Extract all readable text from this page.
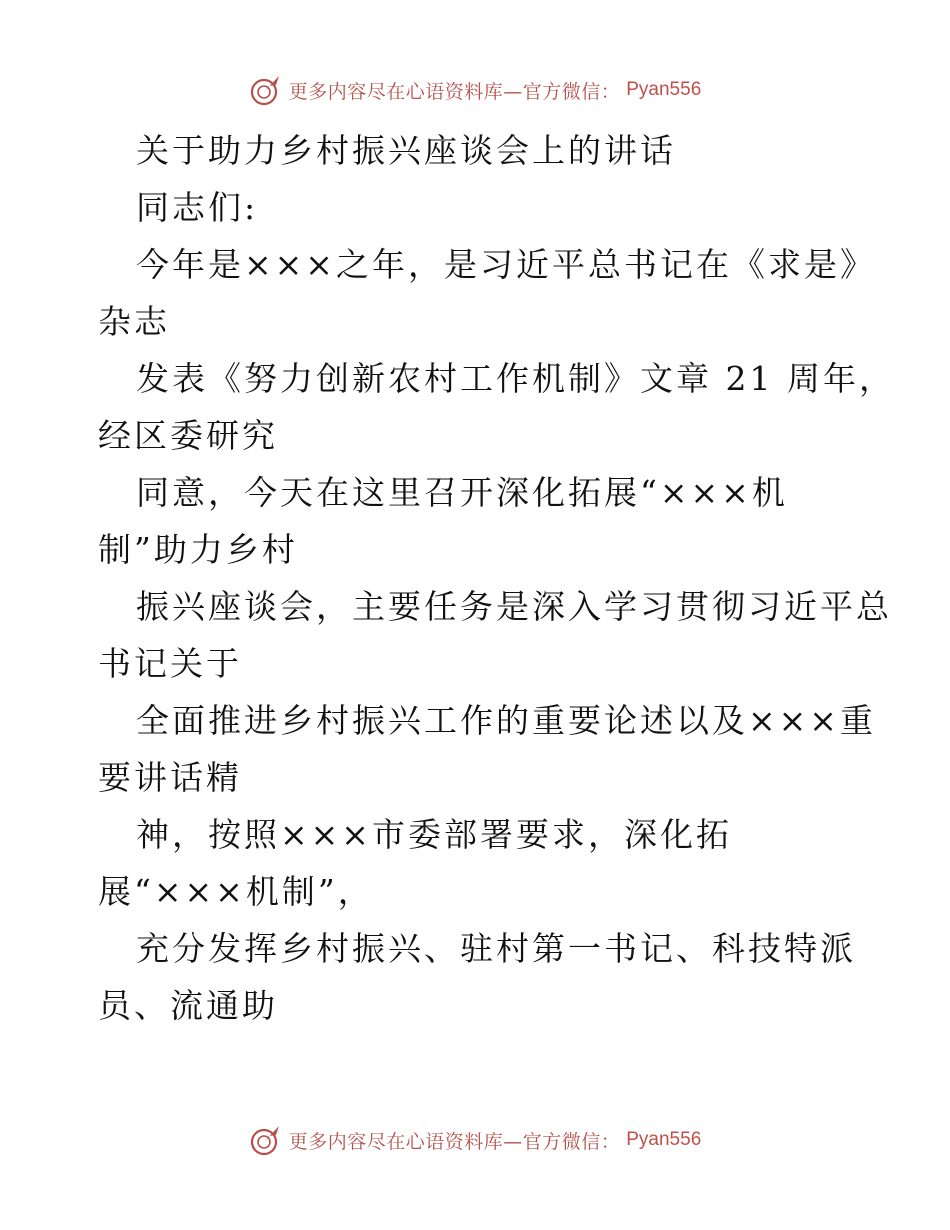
更多内容尽在心语资料库—官方微信： Pyan556
关于助力乡村振兴座谈会上的讲话
同志们:
今年是×××之年，是习近平总书记在《求是》
杂志
发表《努力创新农村工作机制》文章 21 周年，
经区委研究
同意，今天在这里召开深化拓展“×××机
制”助力乡村
振兴座谈会，主要任务是深入学习贯彻习近平总
书记关于
全面推进乡村振兴工作的重要论述以及×××重
要讲话精
神，按照×××市委部署要求，深化拓
展“×××机制”，
充分发挥乡村振兴、驻村第一书记、科技特派
员、流通助
更多内容尽在心语资料库—官方微信： Pyan556
